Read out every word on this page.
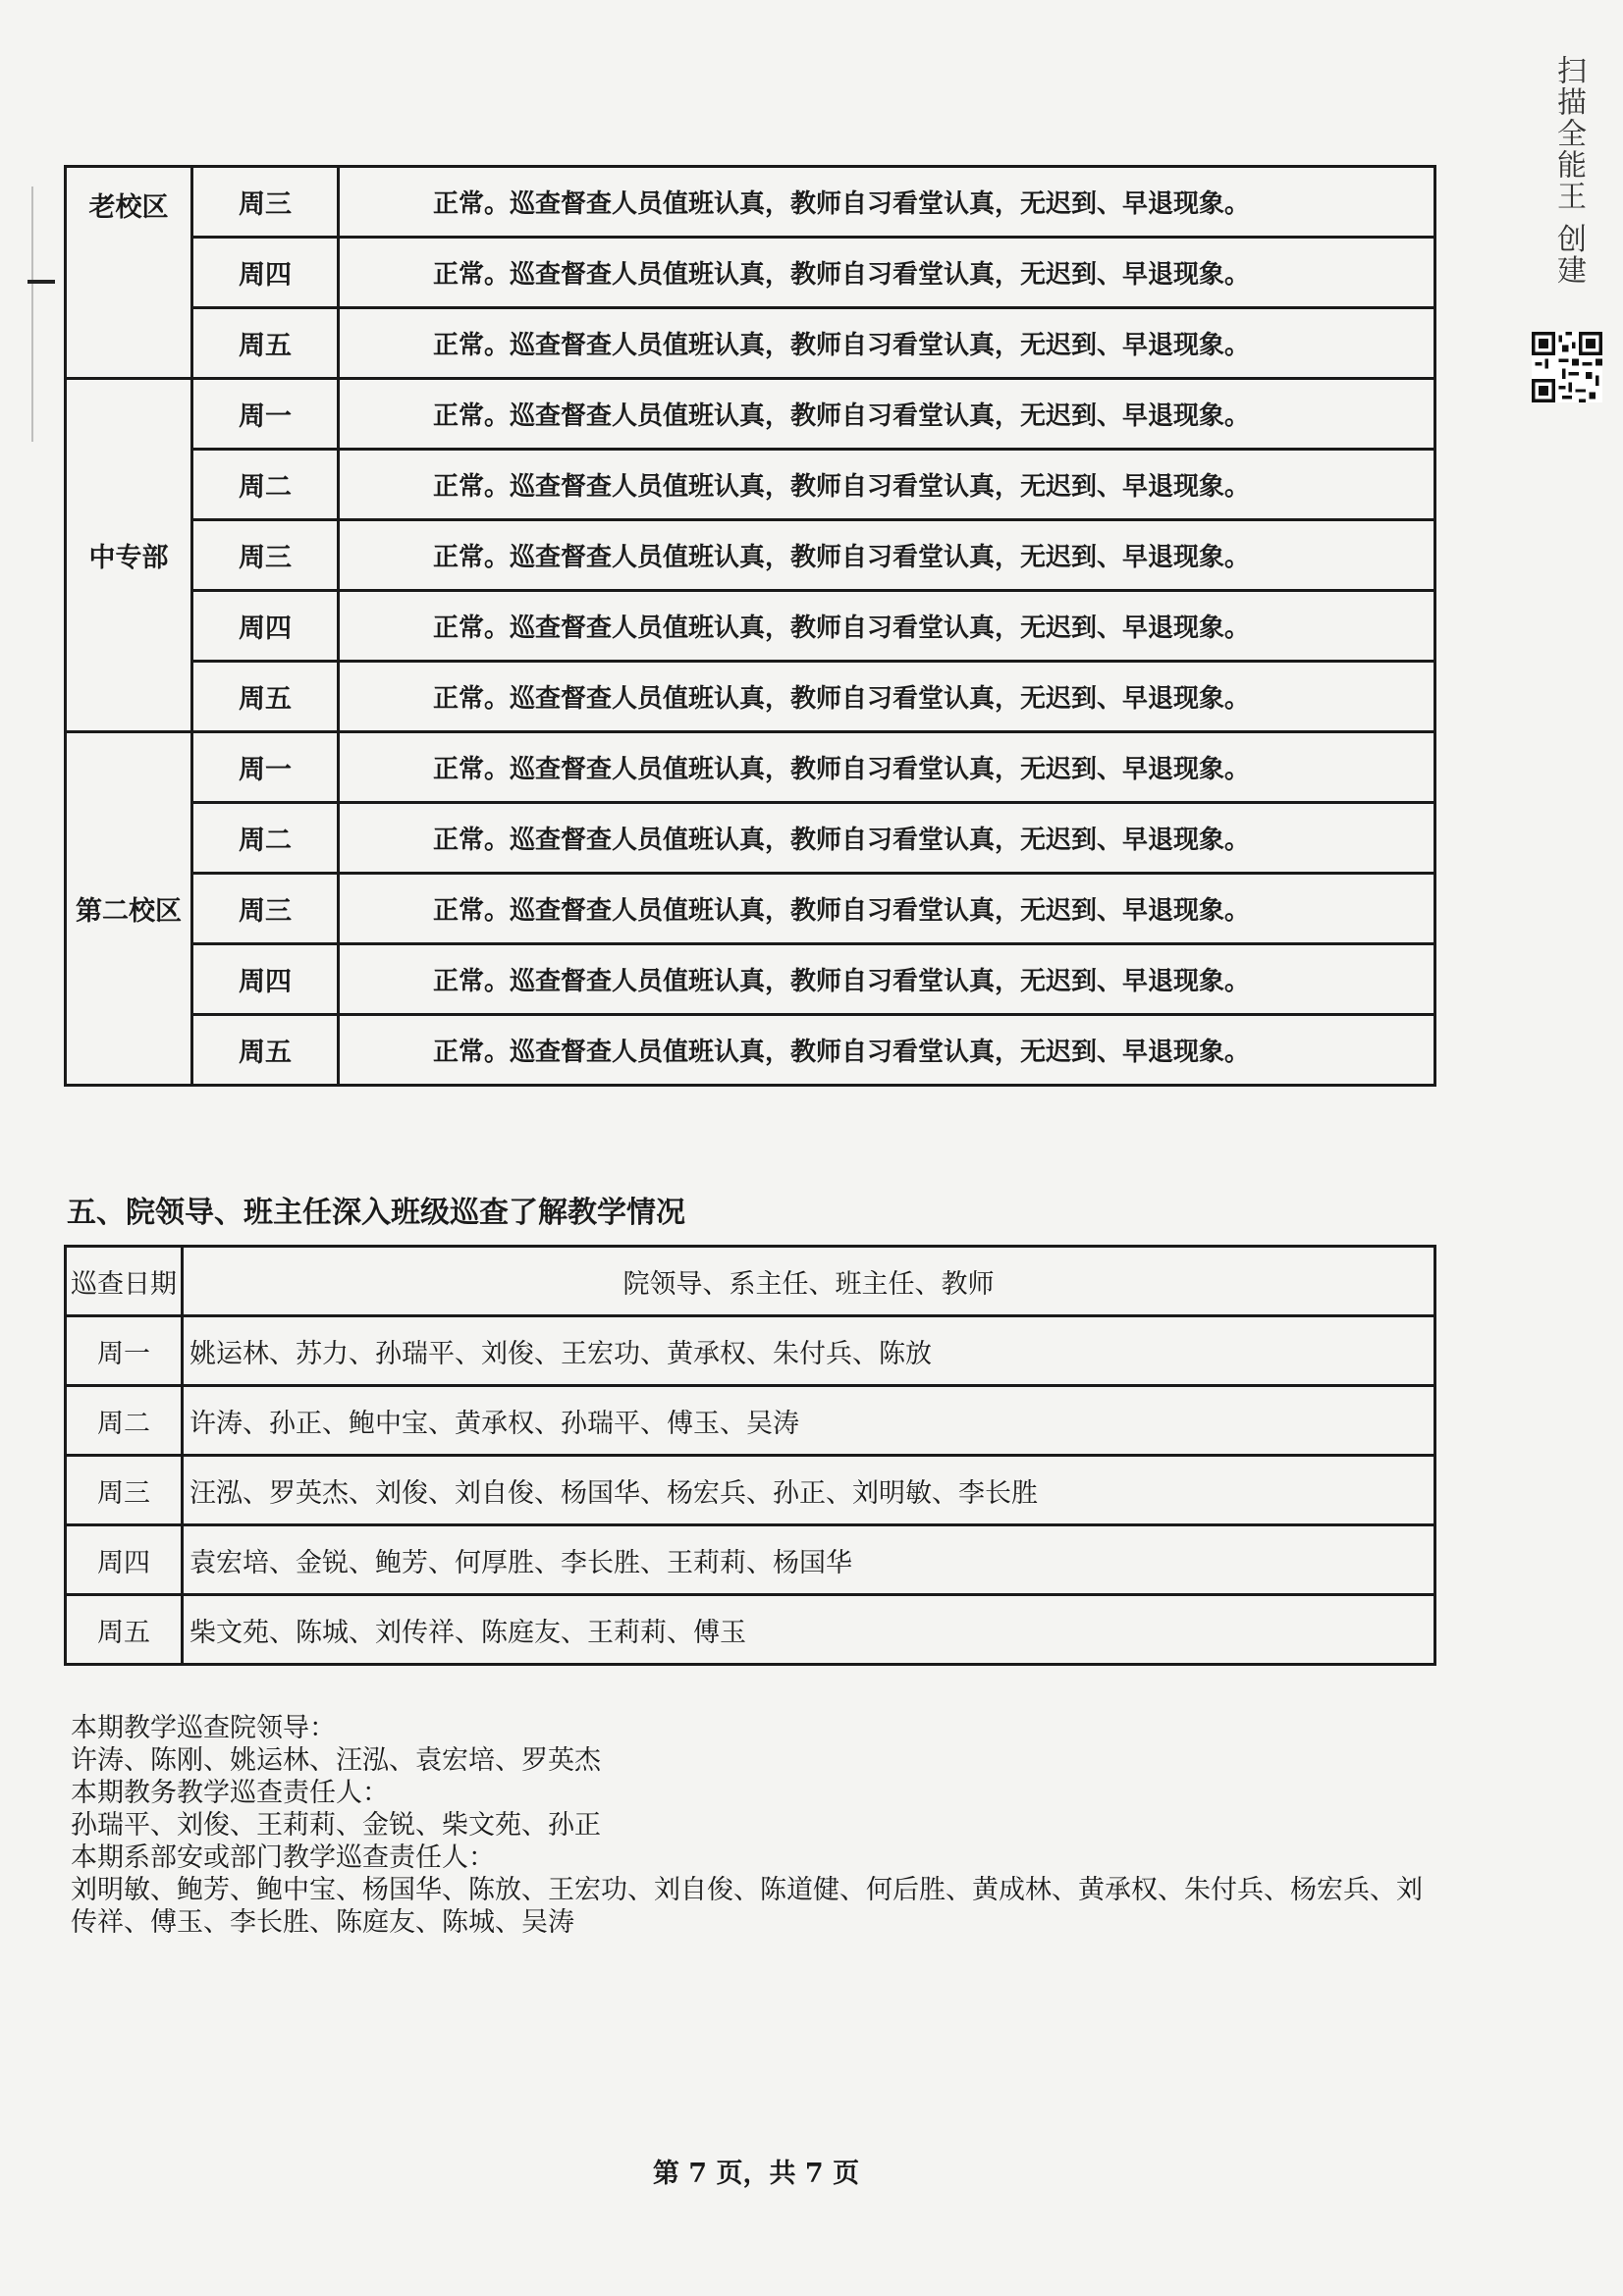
扫描全能王 创建
老校区	周三	正常。巡查督查人员值班认真，教师自习看堂认真，无迟到、早退现象。
	周四	正常。巡查督查人员值班认真，教师自习看堂认真，无迟到、早退现象。
	周五	正常。巡查督查人员值班认真，教师自习看堂认真，无迟到、早退现象。
中专部	周一	正常。巡查督查人员值班认真，教师自习看堂认真，无迟到、早退现象。
	周二	正常。巡查督查人员值班认真，教师自习看堂认真，无迟到、早退现象。
	周三	正常。巡查督查人员值班认真，教师自习看堂认真，无迟到、早退现象。
	周四	正常。巡查督查人员值班认真，教师自习看堂认真，无迟到、早退现象。
	周五	正常。巡查督查人员值班认真，教师自习看堂认真，无迟到、早退现象。
第二校区	周一	正常。巡查督查人员值班认真，教师自习看堂认真，无迟到、早退现象。
	周二	正常。巡查督查人员值班认真，教师自习看堂认真，无迟到、早退现象。
	周三	正常。巡查督查人员值班认真，教师自习看堂认真，无迟到、早退现象。
	周四	正常。巡查督查人员值班认真，教师自习看堂认真，无迟到、早退现象。
	周五	正常。巡查督查人员值班认真，教师自习看堂认真，无迟到、早退现象。
五、院领导、班主任深入班级巡查了解教学情况
巡查日期	院领导、系主任、班主任、教师
周一	姚运林、苏力、孙瑞平、刘俊、王宏功、黄承权、朱付兵、陈放
周二	许涛、孙正、鲍中宝、黄承权、孙瑞平、傅玉、吴涛
周三	汪泓、罗英杰、刘俊、刘自俊、杨国华、杨宏兵、孙正、刘明敏、李长胜
周四	袁宏培、金锐、鲍芳、何厚胜、李长胜、王莉莉、杨国华
周五	柴文苑、陈城、刘传祥、陈庭友、王莉莉、傅玉
本期教学巡查院领导：
许涛、陈刚、姚运林、汪泓、袁宏培、罗英杰
本期教务教学巡查责任人：
孙瑞平、刘俊、王莉莉、金锐、柴文苑、孙正
本期系部安或部门教学巡查责任人：
刘明敏、鲍芳、鲍中宝、杨国华、陈放、王宏功、刘自俊、陈道健、何后胜、黄成林、黄承权、朱付兵、杨宏兵、刘传祥、傅玉、李长胜、陈庭友、陈城、吴涛
第 7 页，共 7 页
